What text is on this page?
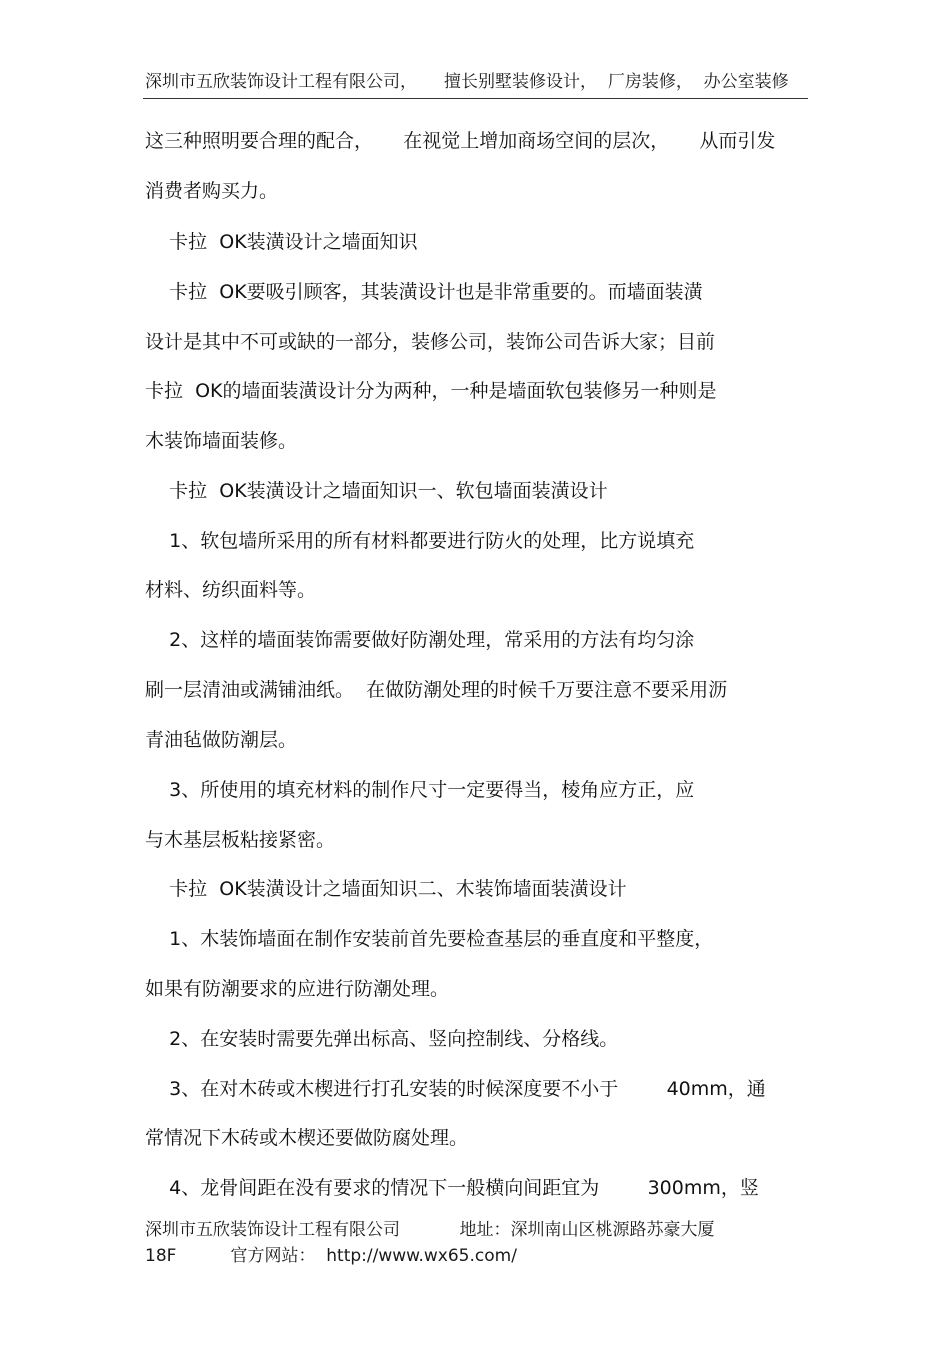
深圳市五欣装饰设计工程有限公司，     擅长别墅装修设计，  厂房装修，  办公室装修
这三种照明要合理的配合，     在视觉上增加商场空间的层次，     从而引发
消费者购买力。
卡拉  OK装潢设计之墙面知识
卡拉  OK要吸引顾客，其装潢设计也是非常重要的。而墙面装潢
设计是其中不可或缺的一部分，装修公司，装饰公司告诉大家；目前
卡拉  OK的墙面装潢设计分为两种，一种是墙面软包装修另一种则是
木装饰墙面装修。
卡拉  OK装潢设计之墙面知识一、软包墙面装潢设计
1、软包墙所采用的所有材料都要进行防火的处理，比方说填充
材料、纺织面料等。
2、这样的墙面装饰需要做好防潮处理，常采用的方法有均匀涂
刷一层清油或满铺油纸。  在做防潮处理的时候千万要注意不要采用沥
青油毡做防潮层。
3、所使用的填充材料的制作尺寸一定要得当，棱角应方正，应
与木基层板粘接紧密。
卡拉  OK装潢设计之墙面知识二、木装饰墙面装潢设计
1、木装饰墙面在制作安装前首先要检查基层的垂直度和平整度，
如果有防潮要求的应进行防潮处理。
2、在安装时需要先弹出标高、竖向控制线、分格线。
3、在对木砖或木楔进行打孔安装的时候深度要不小于        40mm，通
常情况下木砖或木楔还要做防腐处理。
4、龙骨间距在没有要求的情况下一般横向间距宜为        300mm，竖
深圳市五欣装饰设计工程有限公司           地址：深圳南山区桃源路苏豪大厦
18F          官方网站：  http://www.wx65.com/
